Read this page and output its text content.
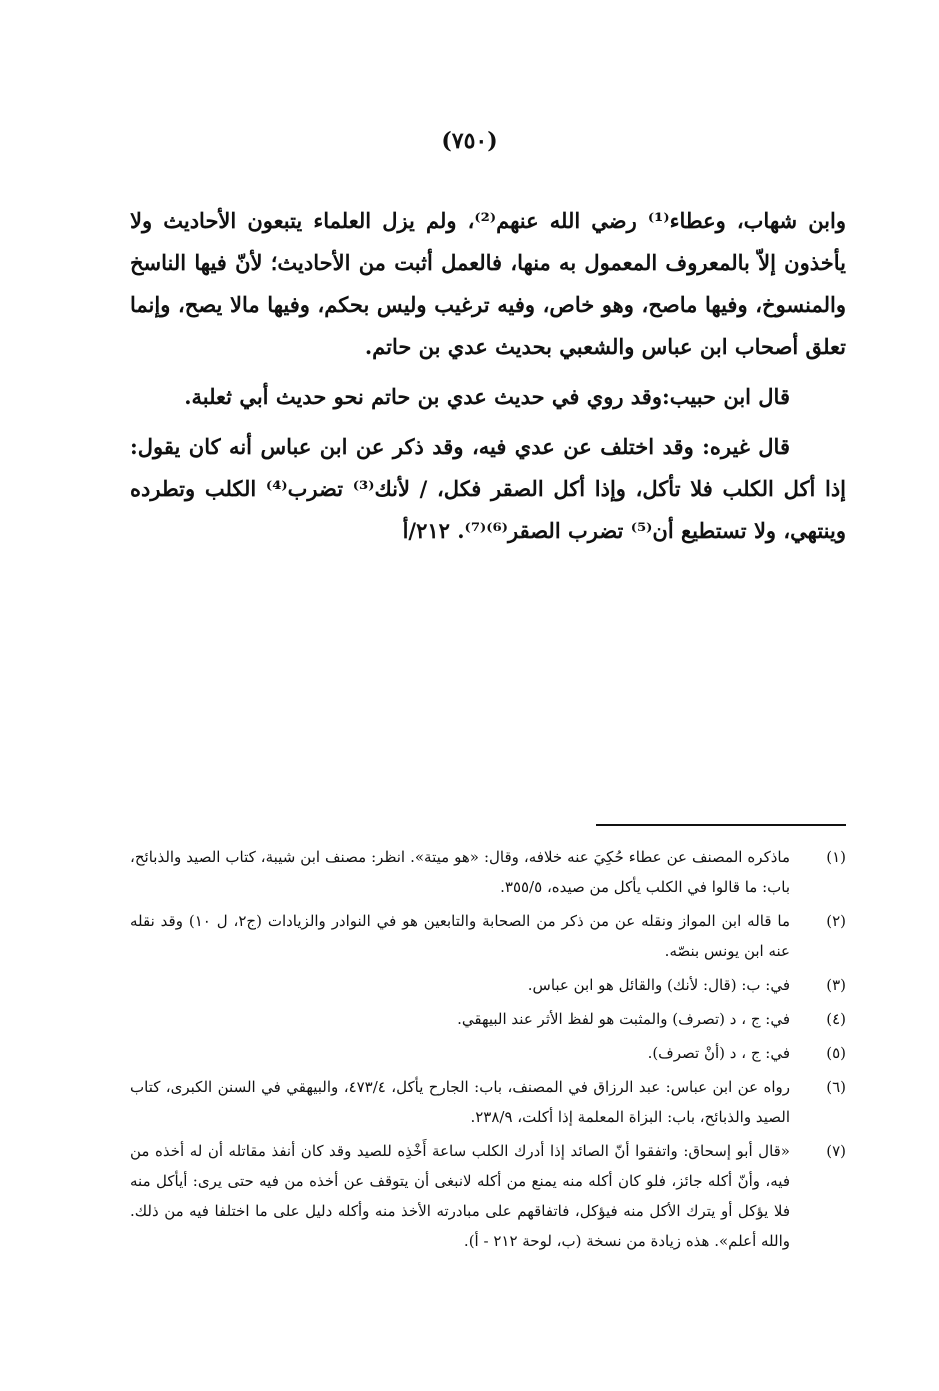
(٧٥٠)

وابن شهاب، وعطاء⁽¹⁾ رضي الله عنهم⁽²⁾، ولم يزل العلماء يتبعون الأحاديث ولا يأخذون إلاّ بالمعروف المعمول به منها، فالعمل أثبت من الأحاديث؛ لأنّ فيها الناسخ والمنسوخ، وفيها ماصح، وهو خاص، وفيه ترغيب وليس بحكم، وفيها مالا يصح، وإنما تعلق أصحاب ابن عباس والشعبي بحديث عدي بن حاتم.

قال ابن حبيب:وقد روي في حديث عدي بن حاتم نحو حديث أبي ثعلبة.

قال غيره: وقد اختلف عن عدي فيه، وقد ذكر عن ابن عباس أنه كان يقول: إذا أكل الكلب فلا تأكل، وإذا أكل الصقر فكل، / لأنك⁽³⁾ تضرب⁽⁴⁾ الكلب وتطرده وينتهي، ولا تستطيع أن⁽⁵⁾ تضرب الصقر⁽⁶⁾⁽⁷⁾. ٢١٢/أ

(١)
ماذكره المصنف عن عطاء حُكِيَ عنه خلافه، وقال: «هو ميتة». انظر: مصنف ابن شيبة، كتاب الصيد والذبائح، باب: ما قالوا في الكلب يأكل من صيده، ٣٥٥/٥.
(٢)
ما قاله ابن المواز ونقله عن من ذكر من الصحابة والتابعين هو في النوادر والزيادات (ج٢، ل ١٠) وقد نقله عنه ابن يونس بنصّه.
(٣)
في: ب: (قال: لأنك) والقائل هو ابن عباس.
(٤)
في: ج ، د (تصرف) والمثبت هو لفظ الأثر عند البيهقي.
(٥)
في: ج ، د (أنْ تصرف).
(٦)
رواه عن ابن عباس: عبد الرزاق في المصنف، باب: الجارح يأكل، ٤٧٣/٤، والبيهقي في السنن الكبرى، كتاب الصيد والذبائح، باب: البزاة المعلمة إذا أكلت، ٢٣٨/٩.
(٧)
«قال أبو إسحاق: واتفقوا أنّ الصائد إذا أدرك الكلب ساعة أَخْذِه للصيد وقد كان أنفذ مقاتله أن له أخذه من فيه، وأنّ أكله جائز، فلو كان أكله منه يمنع من أكله لانبغى أن يتوقف عن أخذه من فيه حتى يرى: أيأكل منه فلا يؤكل أو يترك الأكل منه فيؤكل، فاتفاقهم على مبادرته الأخذ منه وأكله دليل على ما اختلفا فيه من ذلك. والله أعلم». هذه زيادة من نسخة (ب، لوحة ٢١٢ - أ).
